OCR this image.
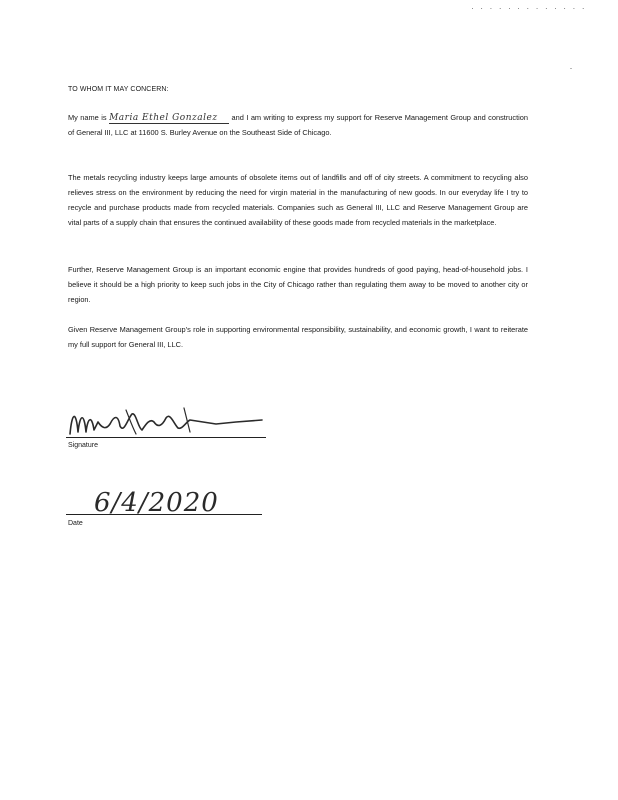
. . . . . . . . . . . . .
-
TO WHOM IT MAY CONCERN:

My name is Maria Ethel Gonzalez and I am writing to express my support for Reserve Management Group and construction of General III, LLC at 11600 S. Burley Avenue on the Southeast Side of Chicago.

The metals recycling industry keeps large amounts of obsolete items out of landfills and off of city streets. A commitment to recycling also relieves stress on the environment by reducing the need for virgin material in the manufacturing of new goods. In our everyday life I try to recycle and purchase products made from recycled materials. Companies such as General III, LLC and Reserve Management Group are vital parts of a supply chain that ensures the continued availability of these goods made from recycled materials in the marketplace.

Further, Reserve Management Group is an important economic engine that provides hundreds of good paying, head-of-household jobs. I believe it should be a high priority to keep such jobs in the City of Chicago rather than regulating them away to be moved to another city or region.

Given Reserve Management Group's role in supporting environmental responsibility, sustainability, and economic growth, I want to reiterate my full support for General III, LLC.

Signature
6/4/2020
Date
